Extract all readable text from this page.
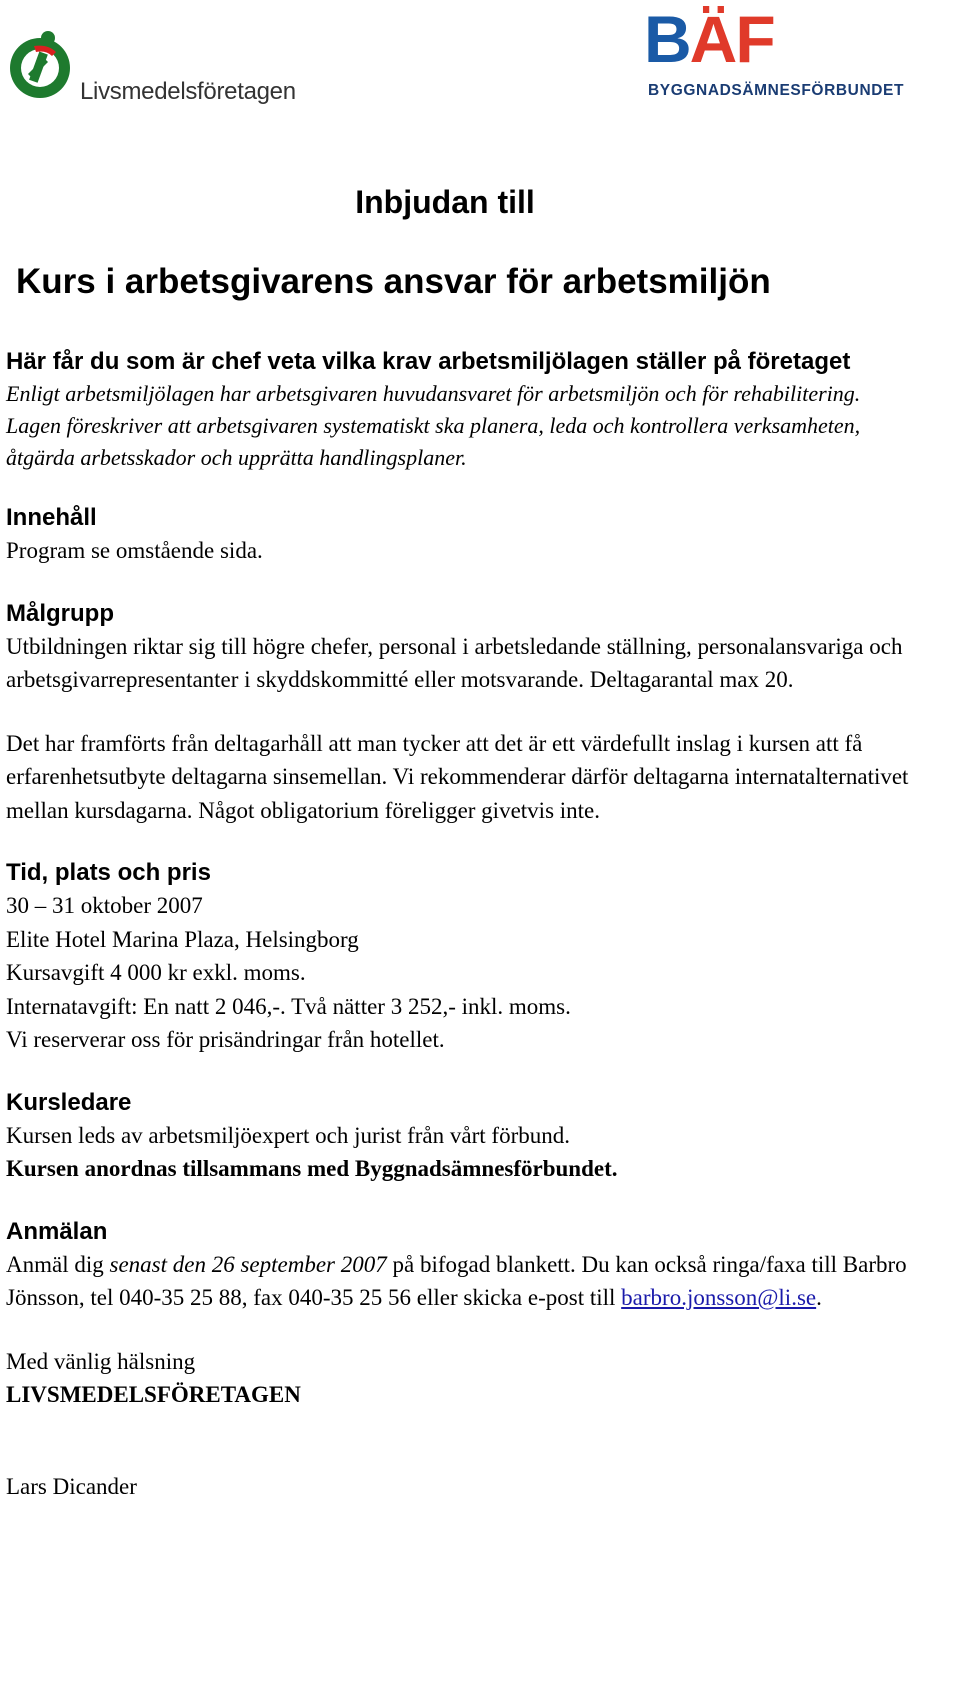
Livsmedelsföretagen
BÄF
BYGGNADSÄMNESFÖRBUNDET
Inbjudan till
Kurs i arbetsgivarens ansvar för arbetsmiljön

Här får du som är chef veta vilka krav arbetsmiljölagen ställer på företaget

Enligt arbetsmiljölagen har arbetsgivaren huvudansvaret för arbetsmiljön och för rehabilitering. Lagen föreskriver att arbetsgivaren systematiskt ska planera, leda och kontrollera verksamheten, åtgärda arbetsskador och upprätta handlingsplaner.

Innehåll

Program se omstående sida.

Målgrupp

Utbildningen riktar sig till högre chefer, personal i arbetsledande ställning, personalansvariga och arbetsgivarrepresentanter i skyddskommitté eller motsvarande. Deltagarantal max 20.

Det har framförts från deltagarhåll att man tycker att det är ett värdefullt inslag i kursen att få erfarenhetsutbyte deltagarna sinsemellan. Vi rekommenderar därför deltagarna internatalternativet mellan kursdagarna. Något obligatorium föreligger givetvis inte.

Tid, plats och pris

30 – 31 oktober 2007

Elite Hotel Marina Plaza, Helsingborg

Kursavgift 4 000 kr exkl. moms.

Internatavgift: En natt 2 046,-. Två nätter 3 252,- inkl. moms.

Vi reserverar oss för prisändringar från hotellet.

Kursledare

Kursen leds av arbetsmiljöexpert och jurist från vårt förbund.

Kursen anordnas tillsammans med Byggnadsämnesförbundet.

Anmälan

Anmäl dig senast den 26 september 2007 på bifogad blankett. Du kan också ringa/faxa till Barbro Jönsson, tel 040-35 25 88, fax 040-35 25 56 eller skicka e-post till barbro.jonsson@li.se.

Med vänlig hälsning

LIVSMEDELSFÖRETAGEN

Lars Dicander
